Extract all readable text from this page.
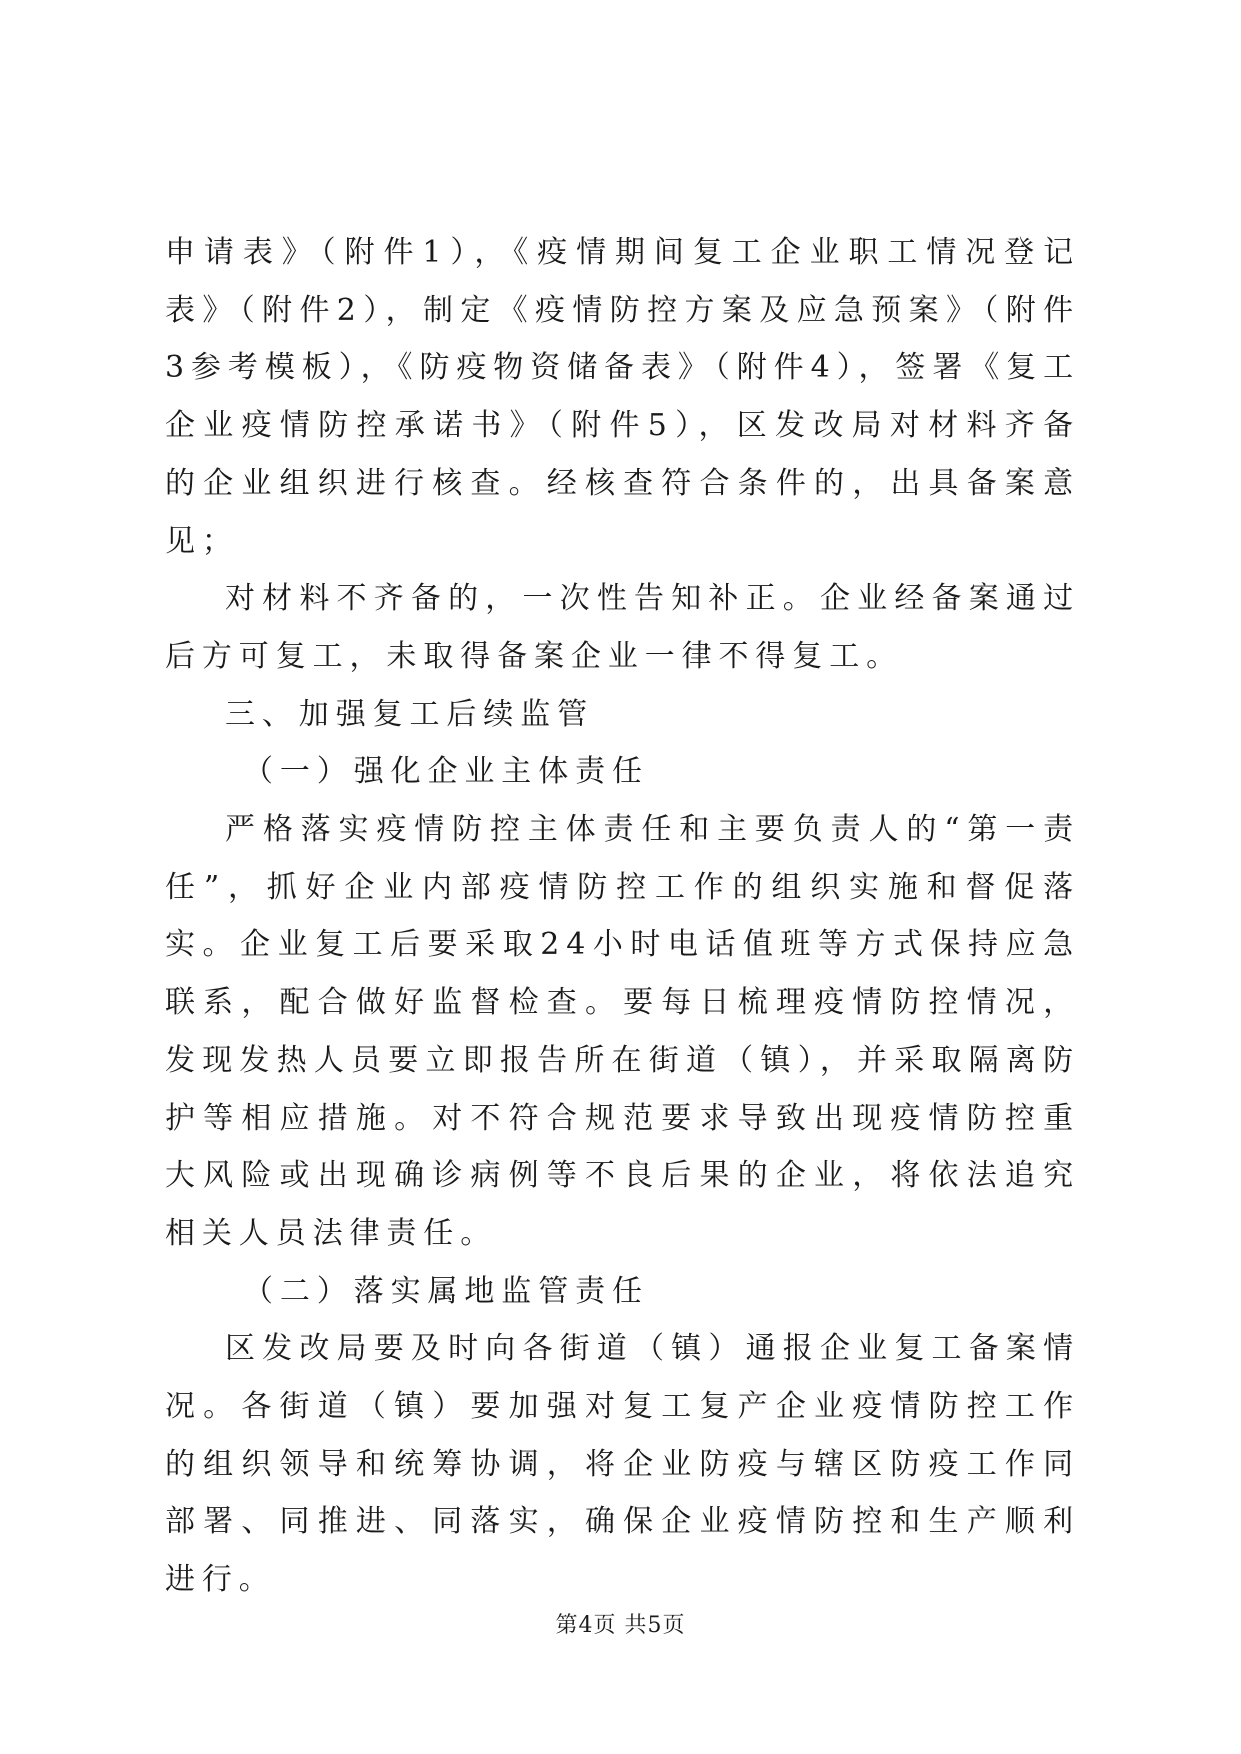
申请表》（附件1），《疫情期间复工企业职工情况登记表》（附件2），制定《疫情防控方案及应急预案》（附件3参考模板），《防疫物资储备表》（附件4），签署《复工企业疫情防控承诺书》（附件5），区发改局对材料齐备的企业组织进行核查。经核查符合条件的，出具备案意见；

对材料不齐备的，一次性告知补正。企业经备案通过后方可复工，未取得备案企业一律不得复工。

三、加强复工后续监管

（一）强化企业主体责任

严格落实疫情防控主体责任和主要负责人的“第一责任”，抓好企业内部疫情防控工作的组织实施和督促落实。企业复工后要采取24小时电话值班等方式保持应急联系，配合做好监督检查。要每日梳理疫情防控情况，发现发热人员要立即报告所在街道（镇），并采取隔离防护等相应措施。对不符合规范要求导致出现疫情防控重大风险或出现确诊病例等不良后果的企业，将依法追究相关人员法律责任。

（二）落实属地监管责任

区发改局要及时向各街道（镇）通报企业复工备案情况。各街道（镇）要加强对复工复产企业疫情防控工作的组织领导和统筹协调，将企业防疫与辖区防疫工作同部署、同推进、同落实，确保企业疫情防控和生产顺利进行。

第4页 共5页
